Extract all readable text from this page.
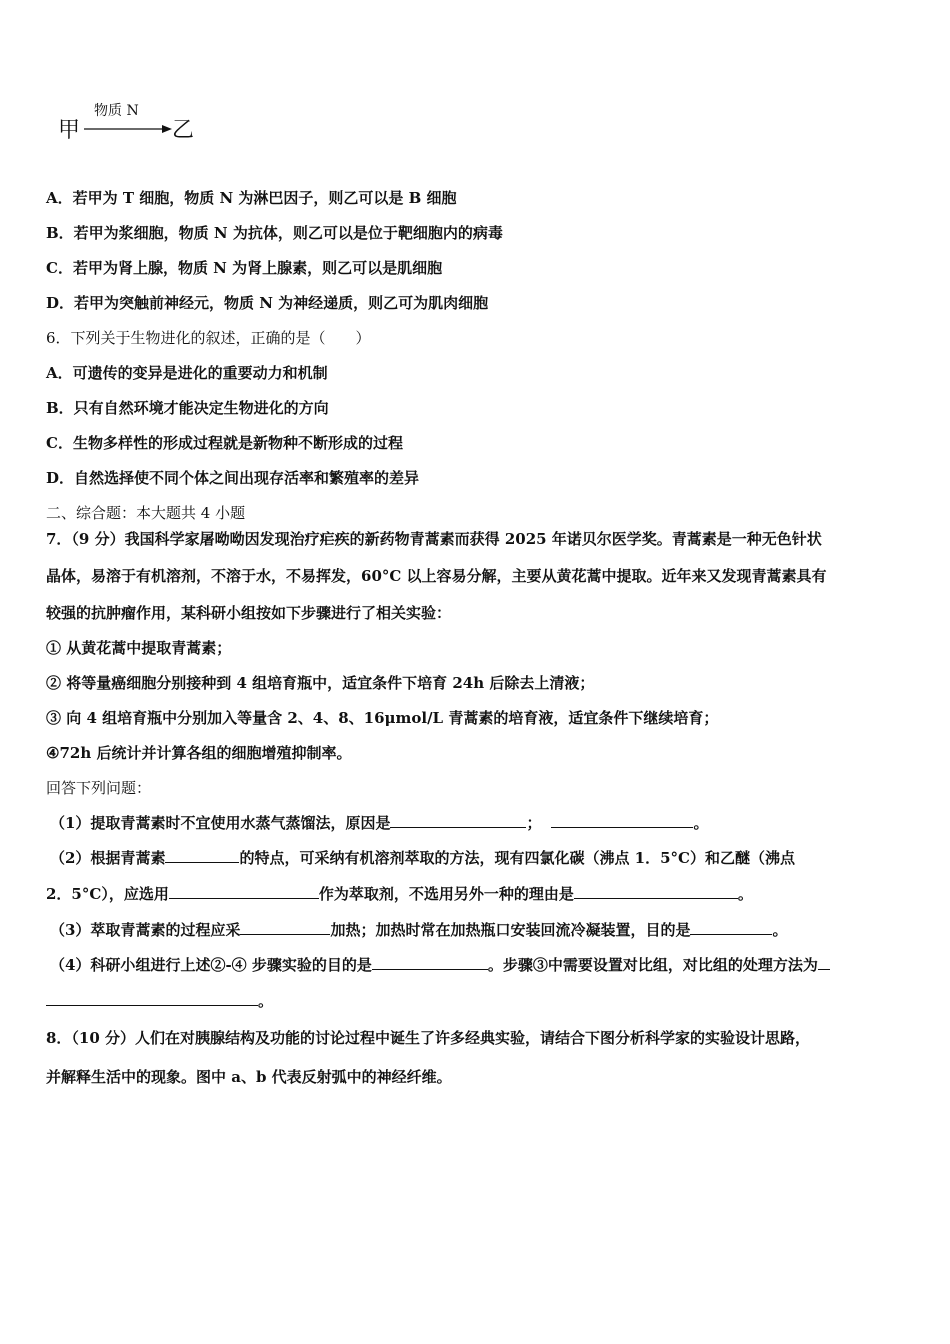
甲
物质 N
乙
A．若甲为 T 细胞，物质 N 为淋巴因子，则乙可以是 B 细胞
B．若甲为浆细胞，物质 N 为抗体，则乙可以是位于靶细胞内的病毒
C．若甲为肾上腺，物质 N 为肾上腺素，则乙可以是肌细胞
D．若甲为突触前神经元，物质 N 为神经递质，则乙可为肌肉细胞
6．下列关于生物进化的叙述，正确的是（　　）
A．可遗传的变异是进化的重要动力和机制
B．只有自然环境才能决定生物进化的方向
C．生物多样性的形成过程就是新物种不断形成的过程
D．自然选择使不同个体之间出现存活率和繁殖率的差异
二、综合题：本大题共 4 小题
7．（9 分）我国科学家屠呦呦因发现治疗疟疾的新药物青蒿素而获得 2025 年诺贝尔医学奖。青蒿素是一种无色针状
晶体，易溶于有机溶剂，不溶于水，不易挥发，60°C 以上容易分解，主要从黄花蒿中提取。近年来又发现青蒿素具有
较强的抗肿瘤作用，某科研小组按如下步骤进行了相关实验：
① 从黄花蒿中提取青蒿素；
② 将等量癌细胞分别接种到 4 组培育瓶中，适宜条件下培育 24h 后除去上清液；
③ 向 4 组培育瓶中分别加入等量含 2、4、8、16μmol/L 青蒿素的培育液，适宜条件下继续培育；
④72h 后统计并计算各组的细胞增殖抑制率。
回答下列问题：
（1）提取青蒿素时不宜使用水蒸气蒸馏法，原因是	；	。
（2）根据青蒿素	的特点，可采纳有机溶剂萃取的方法，现有四氯化碳（沸点 1．5°C）和乙醚（沸点
2．5°C），应选用	作为萃取剂，不选用另外一种的理由是	。
（3）萃取青蒿素的过程应采	加热；加热时常在加热瓶口安装回流冷凝装置，目的是	。
（4）科研小组进行上述②-④ 步骤实验的目的是	。步骤③中需要设置对比组，对比组的处理方法为
。
8．（10 分）人们在对胰腺结构及功能的讨论过程中诞生了许多经典实验，请结合下图分析科学家的实验设计思路，
并解释生活中的现象。图中 a、b 代表反射弧中的神经纤维。
